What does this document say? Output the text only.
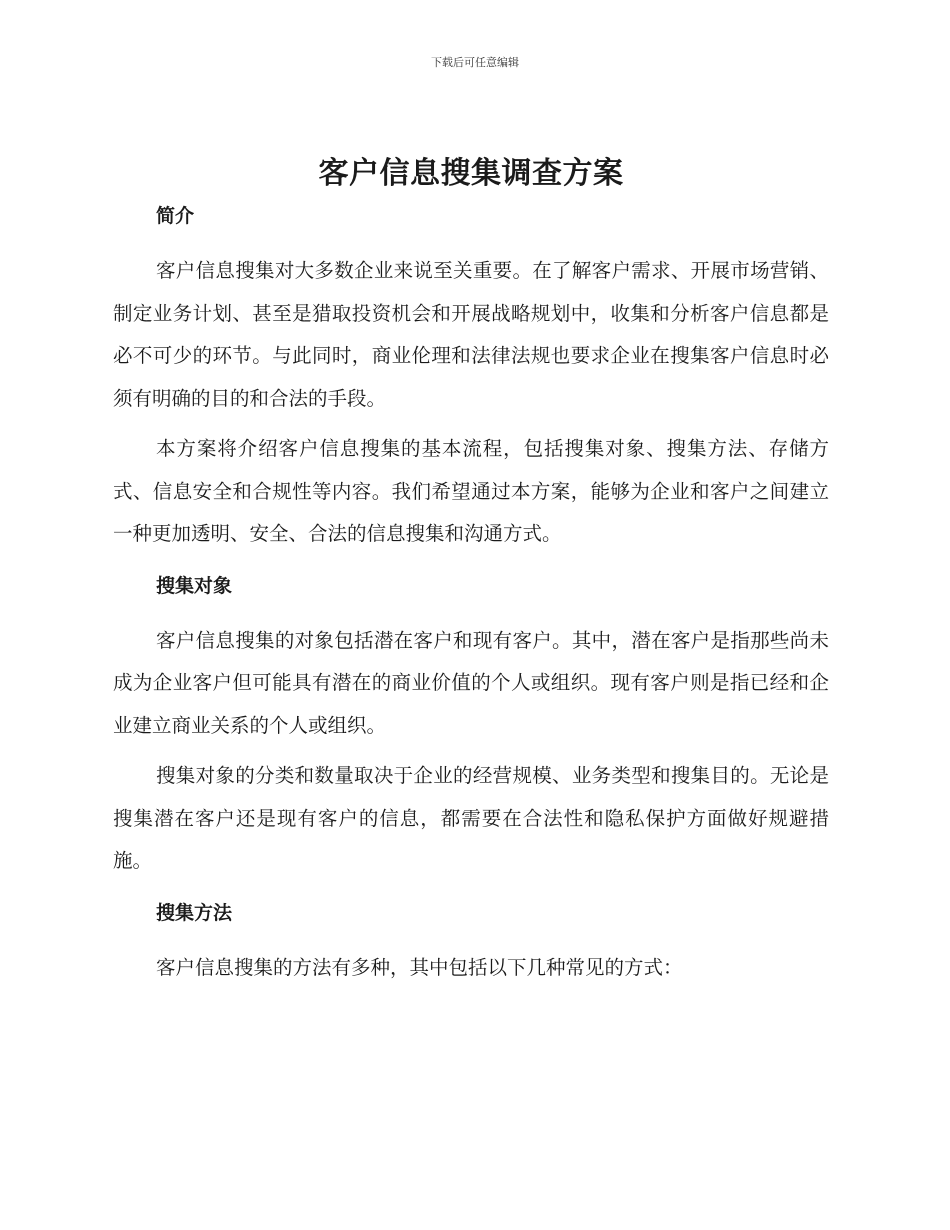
下载后可任意编辑
客户信息搜集调查方案
简介

客户信息搜集对大多数企业来说至关重要。在了解客户需求、开展市场营销、制定业务计划、甚至是猎取投资机会和开展战略规划中，收集和分析客户信息都是必不可少的环节。与此同时，商业伦理和法律法规也要求企业在搜集客户信息时必须有明确的目的和合法的手段。

本方案将介绍客户信息搜集的基本流程，包括搜集对象、搜集方法、存储方式、信息安全和合规性等内容。我们希望通过本方案，能够为企业和客户之间建立一种更加透明、安全、合法的信息搜集和沟通方式。

搜集对象

客户信息搜集的对象包括潜在客户和现有客户。其中，潜在客户是指那些尚未成为企业客户但可能具有潜在的商业价值的个人或组织。现有客户则是指已经和企业建立商业关系的个人或组织。

搜集对象的分类和数量取决于企业的经营规模、业务类型和搜集目的。无论是搜集潜在客户还是现有客户的信息，都需要在合法性和隐私保护方面做好规避措施。

搜集方法

客户信息搜集的方法有多种，其中包括以下几种常见的方式：
